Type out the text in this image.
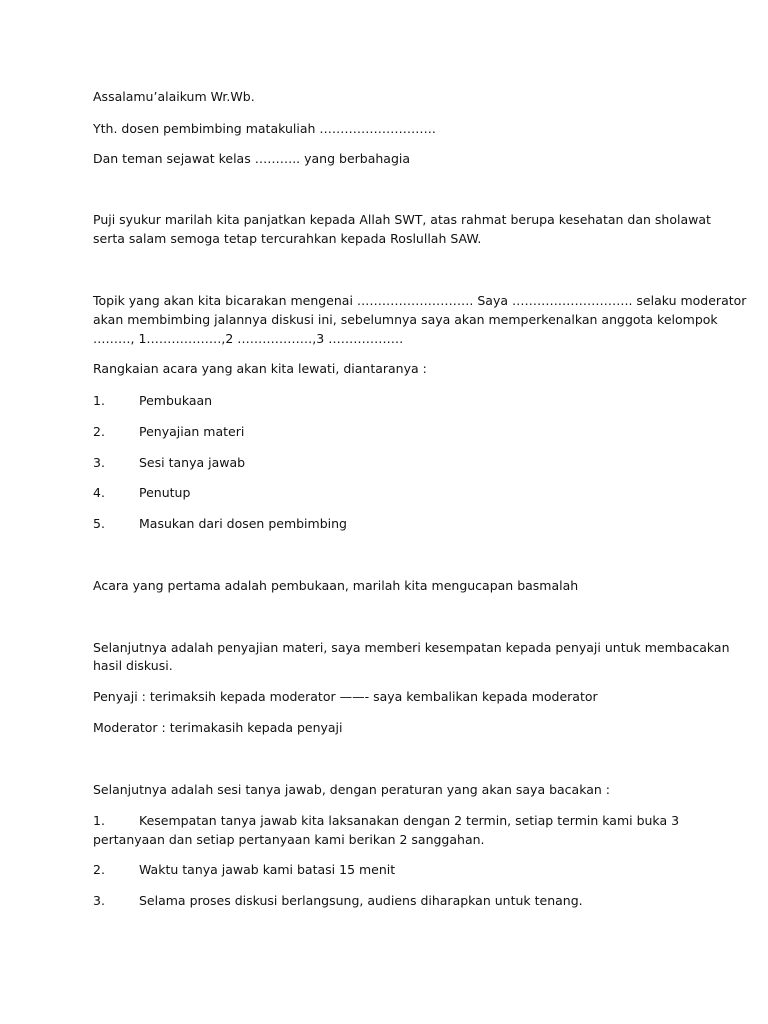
Assalamu’alaikum Wr.Wb.
Yth. dosen pembimbing matakuliah ……………………….
Dan teman sejawat kelas ……….. yang berbahagia
Puji syukur marilah kita panjatkan kepada Allah SWT, atas rahmat berupa kesehatan dan sholawat
serta salam semoga tetap tercurahkan kepada Roslullah SAW.
Topik yang akan kita bicarakan mengenai ………………………. Saya ……………………….. selaku moderator
akan membimbing jalannya diskusi ini, sebelumnya saya akan memperkenalkan anggota kelompok
………, 1………………,2 ………………,3 ………………
Rangkaian acara yang akan kita lewati, diantaranya :
1.	Pembukaan
2.	Penyajian materi
3.	Sesi tanya jawab
4.	Penutup
5.	Masukan dari dosen pembimbing
Acara yang pertama adalah pembukaan, marilah kita mengucapan basmalah
Selanjutnya adalah penyajian materi, saya memberi kesempatan kepada penyaji untuk membacakan
hasil diskusi.
Penyaji : terimaksih kepada moderator ——- saya kembalikan kepada moderator
Moderator : terimakasih kepada penyaji
Selanjutnya adalah sesi tanya jawab, dengan peraturan yang akan saya bacakan :
1.	Kesempatan tanya jawab kita laksanakan dengan 2 termin, setiap termin kami buka 3
pertanyaan dan setiap pertanyaan kami berikan 2 sanggahan.
2.	Waktu tanya jawab kami batasi 15 menit
3.	Selama proses diskusi berlangsung, audiens diharapkan untuk tenang.
